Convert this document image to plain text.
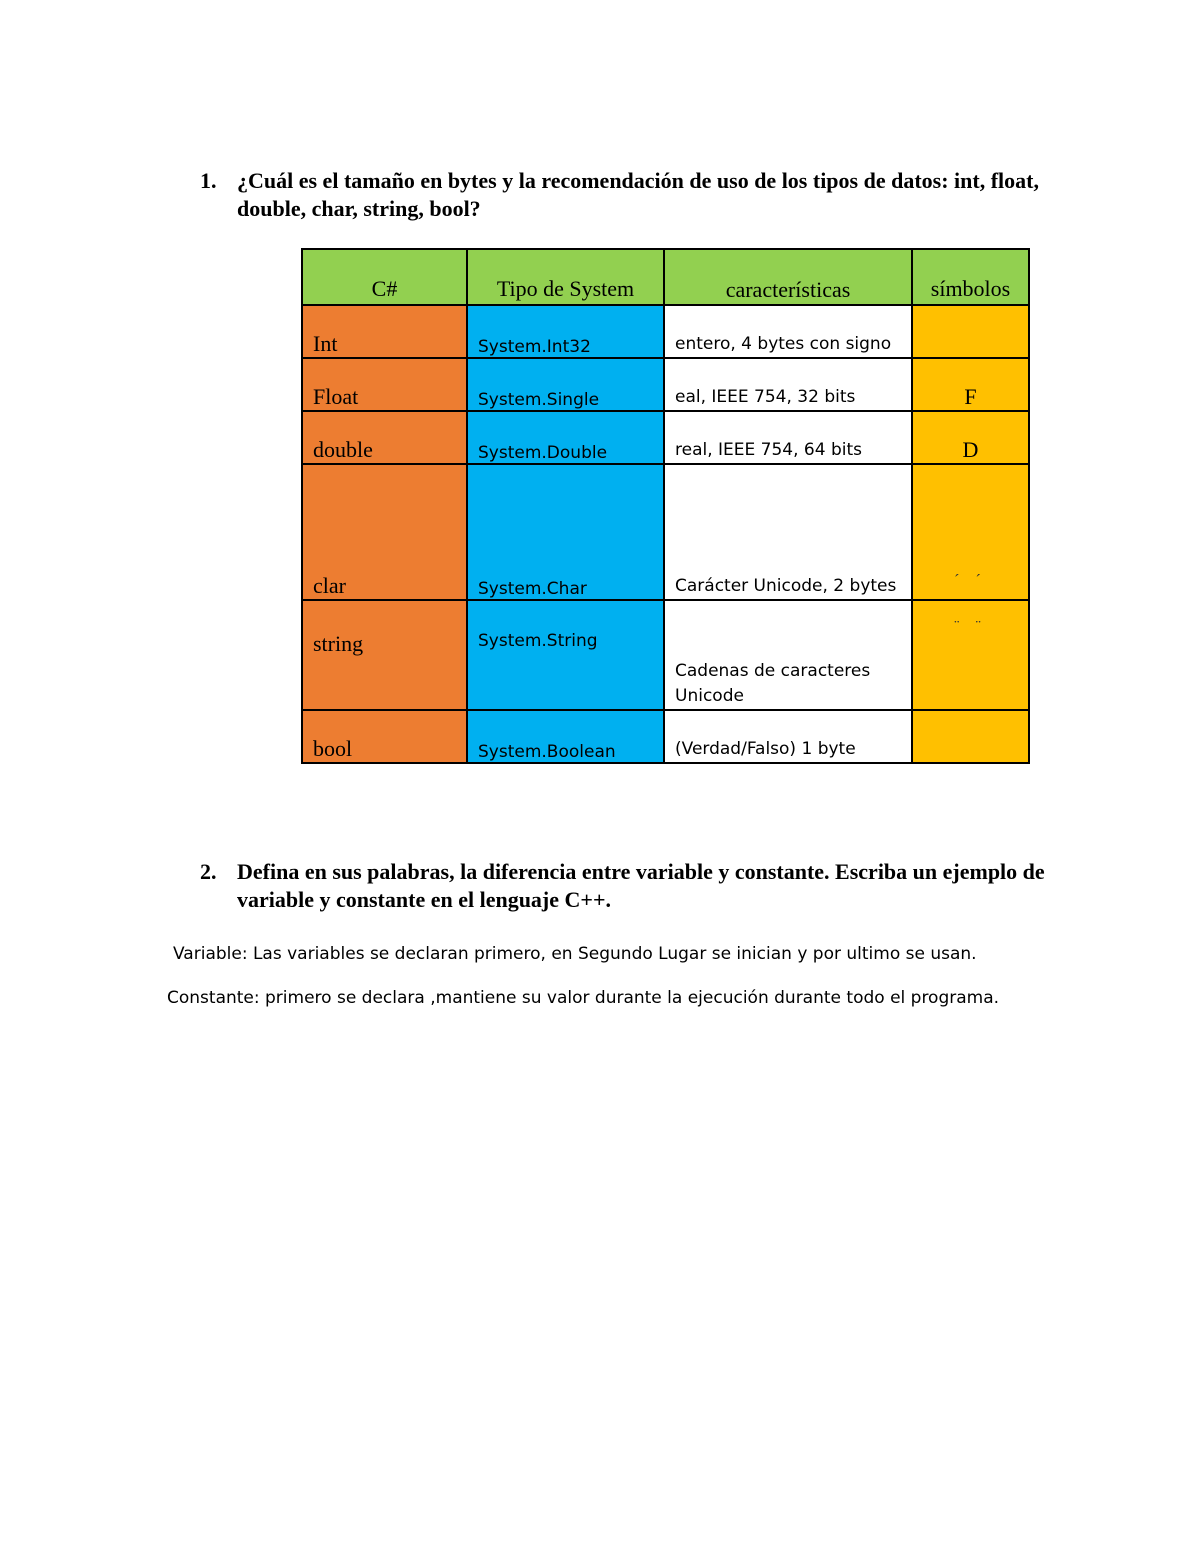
1. ¿Cuál es el tamaño en bytes y la recomendación de uso de los tipos de datos: int, float, double, char, string, bool?
C#	Tipo de System	características	símbolos
Int	System.Int32	entero, 4 bytes con signo	
Float	System.Single	eal, IEEE 754, 32 bits	F
double	System.Double	real, IEEE 754, 64 bits	D
clar	System.Char	Carácter Unicode, 2 bytes	´ ´
string	System.String	Cadenas de caracteres Unicode	¨ ¨
bool	System.Boolean	(Verdad/Falso) 1 byte	
2. Defina en sus palabras, la diferencia entre variable y constante. Escriba un ejemplo de variable y constante en el lenguaje C++.
Variable: Las variables se declaran primero, en Segundo Lugar se inician y por ultimo se usan.
Constante: primero se declara ,mantiene su valor durante la ejecución durante todo el programa.
